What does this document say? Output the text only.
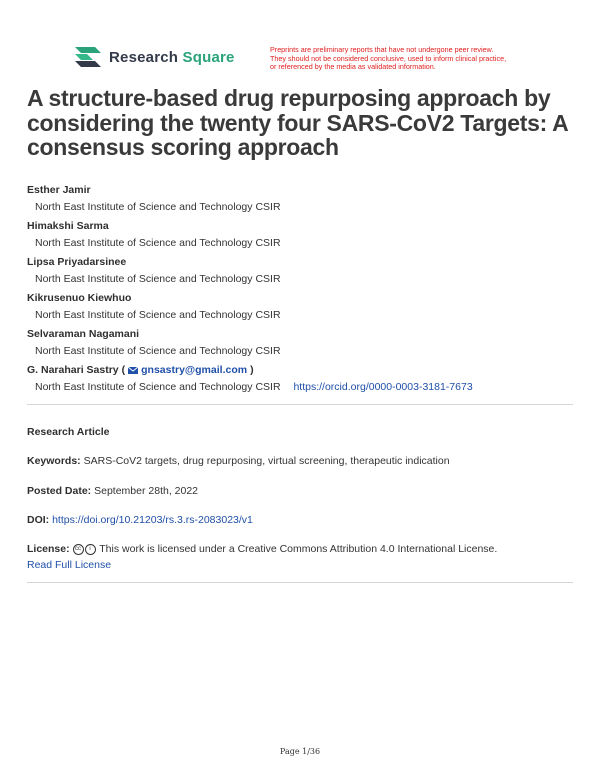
Research Square	Preprints are preliminary reports that have not undergone peer review.
They should not be considered conclusive, used to inform clinical practice,
or referenced by the media as validated information.
A structure-based drug repurposing approach by considering the twenty four SARS-CoV2 Targets: A consensus scoring approach
Esther Jamir
North East Institute of Science and Technology CSIR
Himakshi Sarma
North East Institute of Science and Technology CSIR
Lipsa Priyadarsinee
North East Institute of Science and Technology CSIR
Kikrusenuo Kiewhuo
North East Institute of Science and Technology CSIR
Selvaraman Nagamani
North East Institute of Science and Technology CSIR
G. Narahari Sastry ( gnsastry@gmail.com )
North East Institute of Science and Technology CSIR https://orcid.org/0000-0003-3181-7673
Research Article
Keywords: SARS-CoV2 targets, drug repurposing, virtual screening, therapeutic indication
Posted Date: September 28th, 2022
DOI: https://doi.org/10.21203/rs.3.rs-2083023/v1
License: cc i This work is licensed under a Creative Commons Attribution 4.0 International License.
Read Full License
Page 1/36
